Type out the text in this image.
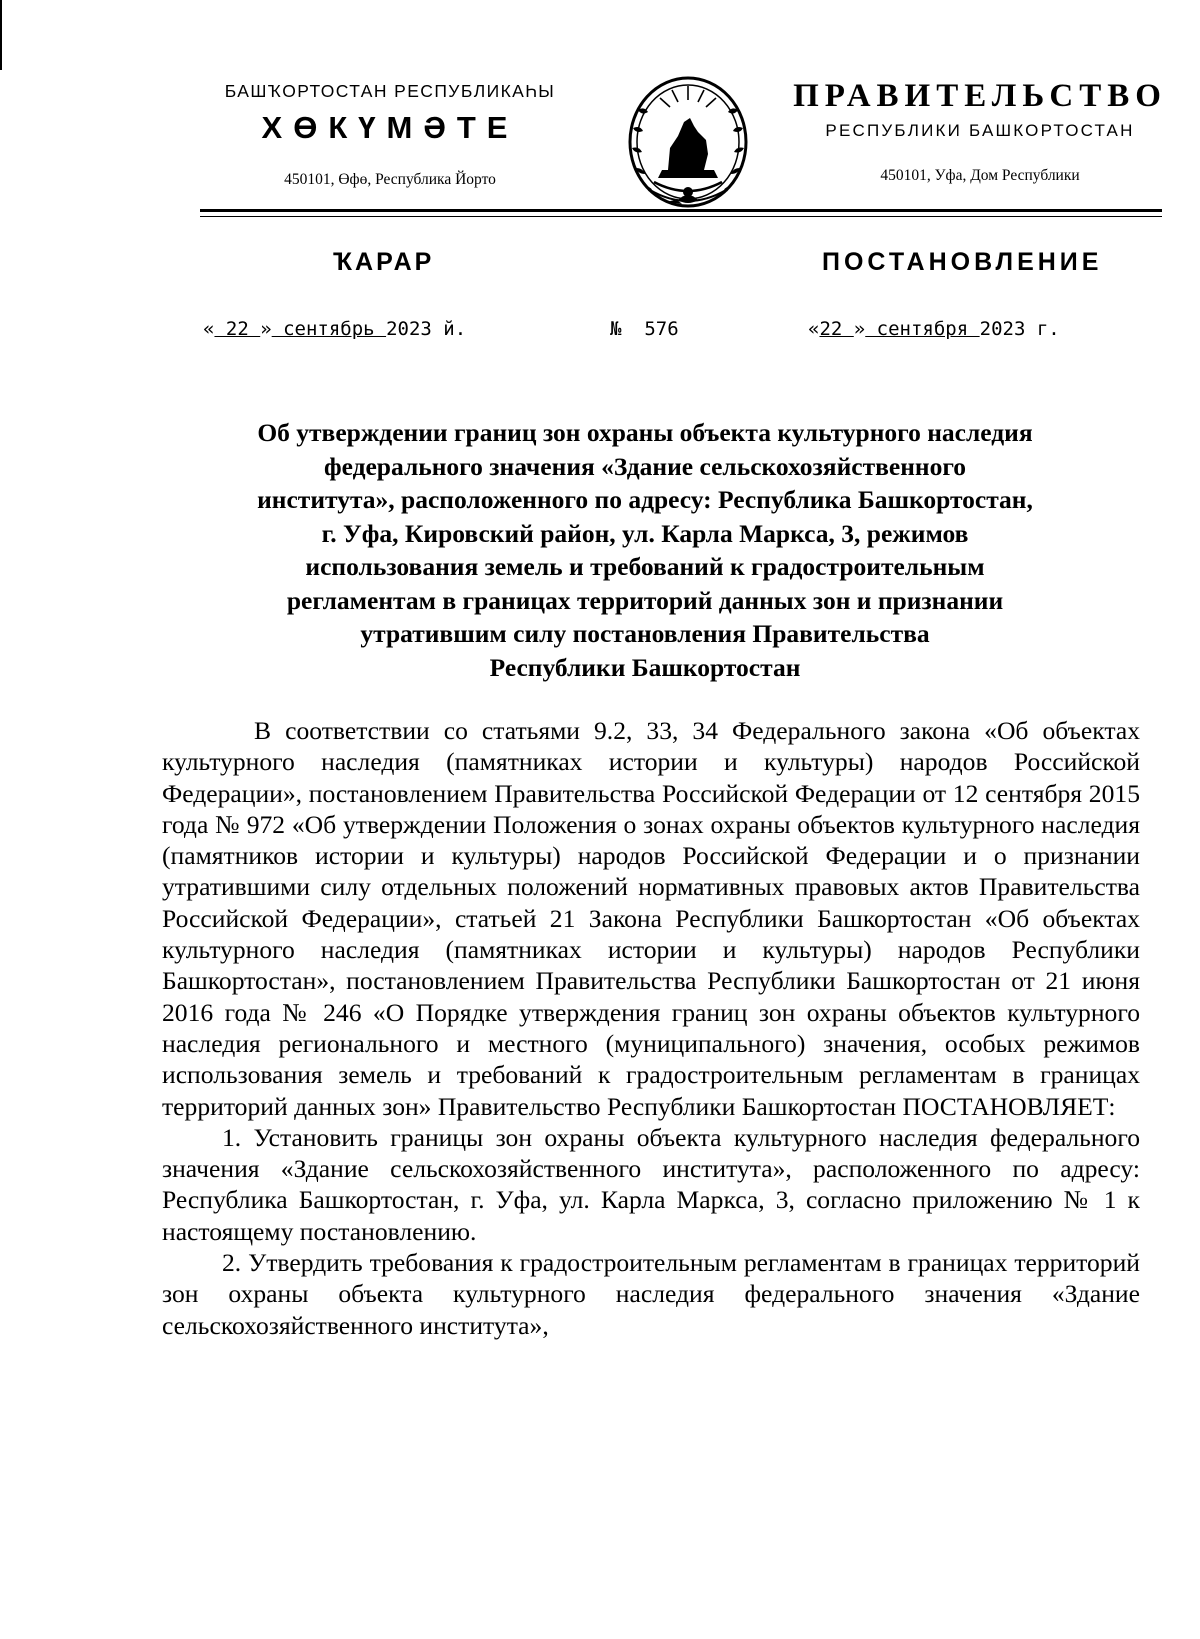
БАШҠОРТОСТАН РЕСПУБЛИКАҺЫ
ХӨКҮМӘТЕ
450101, Өфө, Республика Йорто
ПРАВИТЕЛЬСТВО
РЕСПУБЛИКИ БАШКОРТОСТАН
450101, Уфа, Дом Республики
ҠАРАР	ПОСТАНОВЛЕНИЕ
« 22 » сентябрь 2023 й.	№ 576	«22 » сентября 2023 г.
Об утверждении границ зон охраны объекта культурного наследия
федерального значения «Здание сельскохозяйственного
института», расположенного по адресу: Республика Башкортостан,
г. Уфа, Кировский район, ул. Карла Маркса, 3, режимов
использования земель и требований к градостроительным
регламентам в границах территорий данных зон и признании
утратившим силу постановления Правительства
Республики Башкортостан

В соответствии со статьями 9.2, 33, 34 Федерального закона «Об объектах культурного наследия (памятниках истории и культуры) народов Российской Федерации», постановлением Правительства Российской Федерации от 12 сентября 2015 года № 972 «Об утверждении Положения о зонах охраны объектов культурного наследия (памятников истории и культуры) народов Российской Федерации и о признании утратившими силу отдельных положений нормативных правовых актов Правительства Российской Федерации», статьей 21 Закона Республики Башкортостан «Об объектах культурного наследия (памятниках истории и культуры) народов Республики Башкортостан», постановлением Правительства Республики Башкортостан от 21 июня 2016 года № 246 «О Порядке утверждения границ зон охраны объектов культурного наследия регионального и местного (муниципального) значения, особых режимов использования земель и требований к градостроительным регламентам в границах территорий данных зон» Правительство Республики Башкортостан ПОСТАНОВЛЯЕТ:

1. Установить границы зон охраны объекта культурного наследия федерального значения «Здание сельскохозяйственного института», расположенного по адресу: Республика Башкортостан, г. Уфа, ул. Карла Маркса, 3, согласно приложению № 1 к настоящему постановлению.

2. Утвердить требования к градостроительным регламентам в границах территорий зон охраны объекта культурного наследия федерального значения «Здание сельскохозяйственного института»,
